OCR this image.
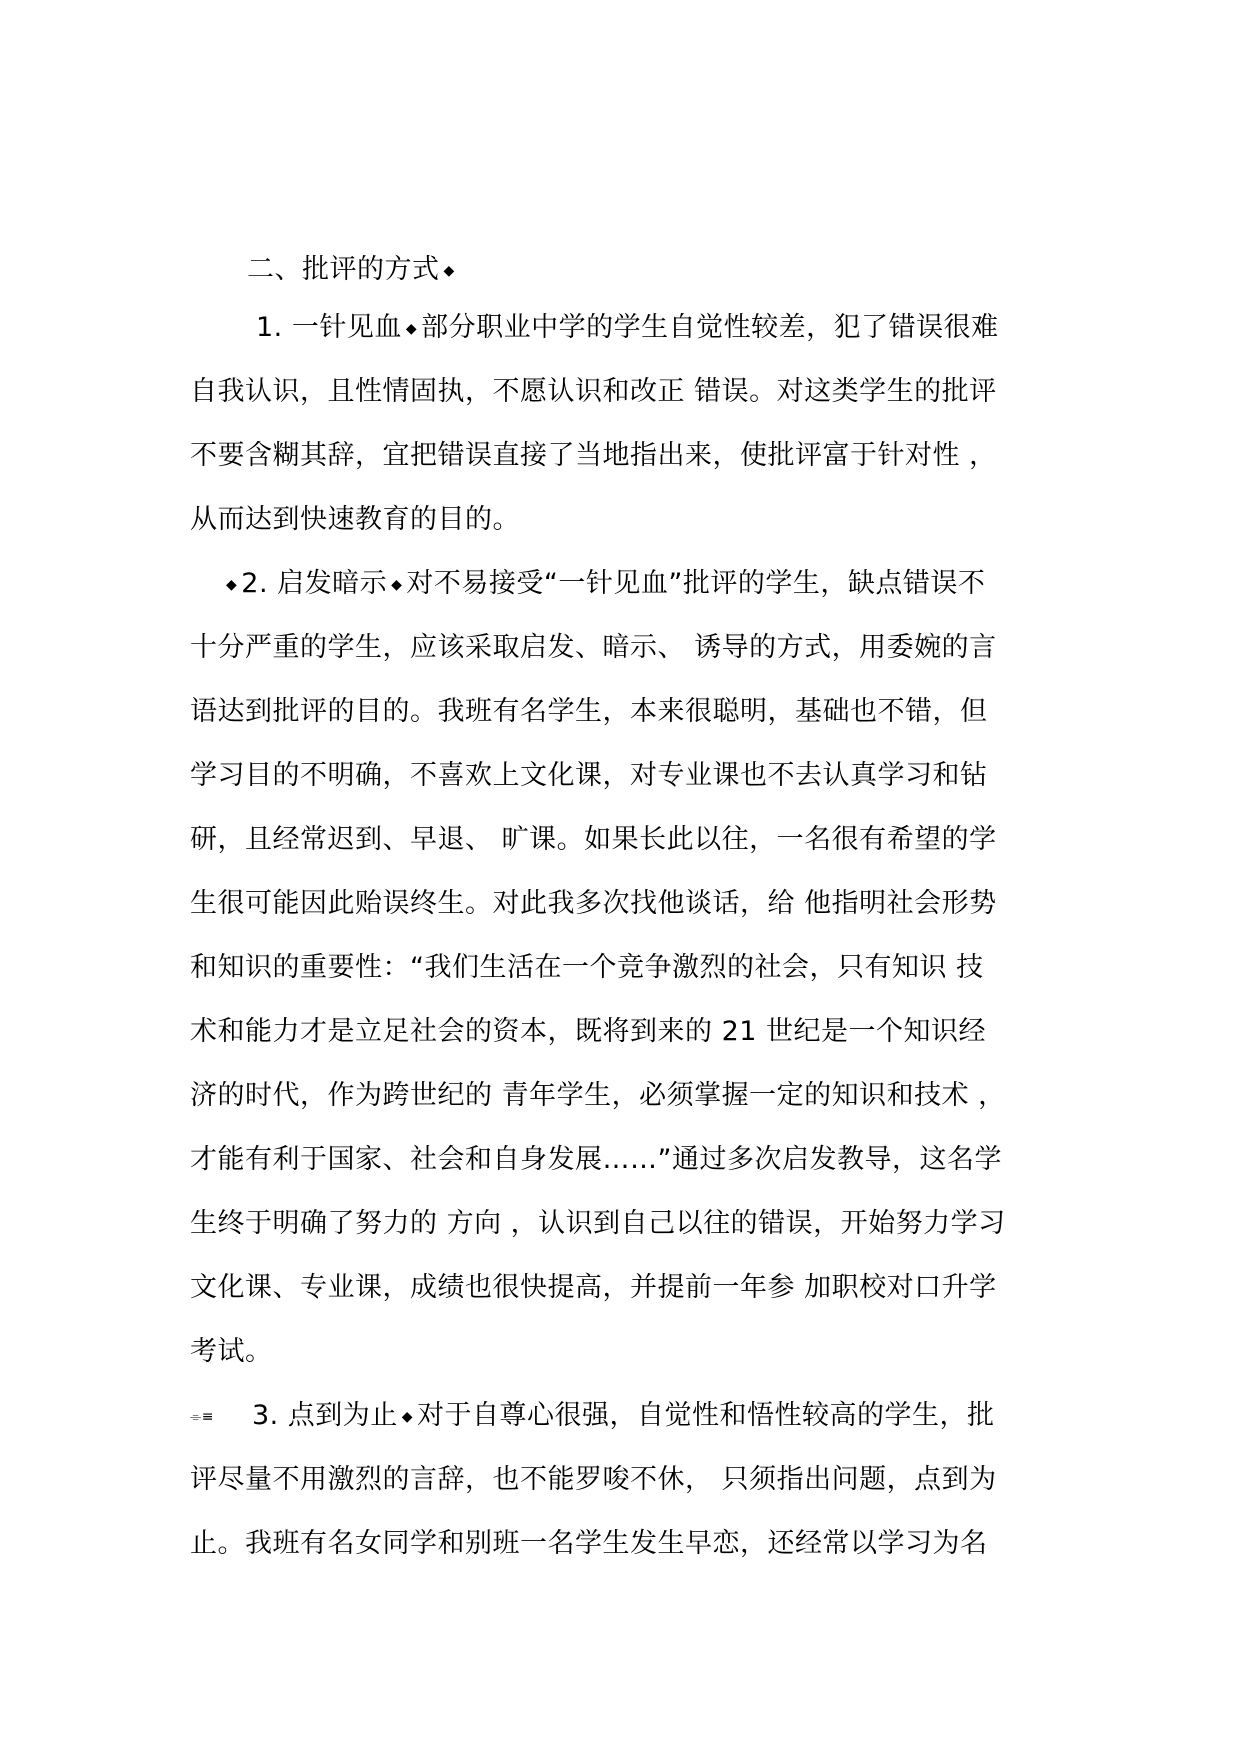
二、批评的方式 ◆
1. 一针见血 ◆ 部分职业中学的学生自觉性较差，犯了错误很难
自我认识，且性情固执，不愿认识和改正 错误。对这类学生的批评
不要含糊其辞，宜把错误直接了当地指出来，使批评富于针对性 ，
从而达到快速教育的目的。
◆ 2. 启发暗示 ◆ 对不易接受“一针见血”批评的学生，缺点错误不
十分严重的学生，应该采取启发、暗示、 诱导的方式，用委婉的言
语达到批评的目的。我班有名学生，本来很聪明，基础也不错，但
学习目的不明确，不喜欢上文化课，对专业课也不去认真学习和钻
研，且经常迟到、早退、 旷课。如果长此以往，一名很有希望的学
生很可能因此贻误终生。对此我多次找他谈话，给 他指明社会形势
和知识的重要性：“我们生活在一个竞争激烈的社会，只有知识 技
术和能力才是立足社会的资本，既将到来的 21 世纪是一个知识经
济的时代，作为跨世纪的 青年学生，必须掌握一定的知识和技术 ，
才能有利于国家、社会和自身发展……”通过多次启发教导，这名学
生终于明确了努力的 方向 ，认识到自己以往的错误，开始努力学习
文化课、专业课，成绩也很快提高，并提前一年参 加职校对口升学
考试。
⌯≡ 3. 点到为止 ◆ 对于自尊心很强，自觉性和悟性较高的学生，批
评尽量不用激烈的言辞，也不能罗唆不休， 只须指出问题，点到为
止。我班有名女同学和别班一名学生发生早恋，还经常以学习为名
